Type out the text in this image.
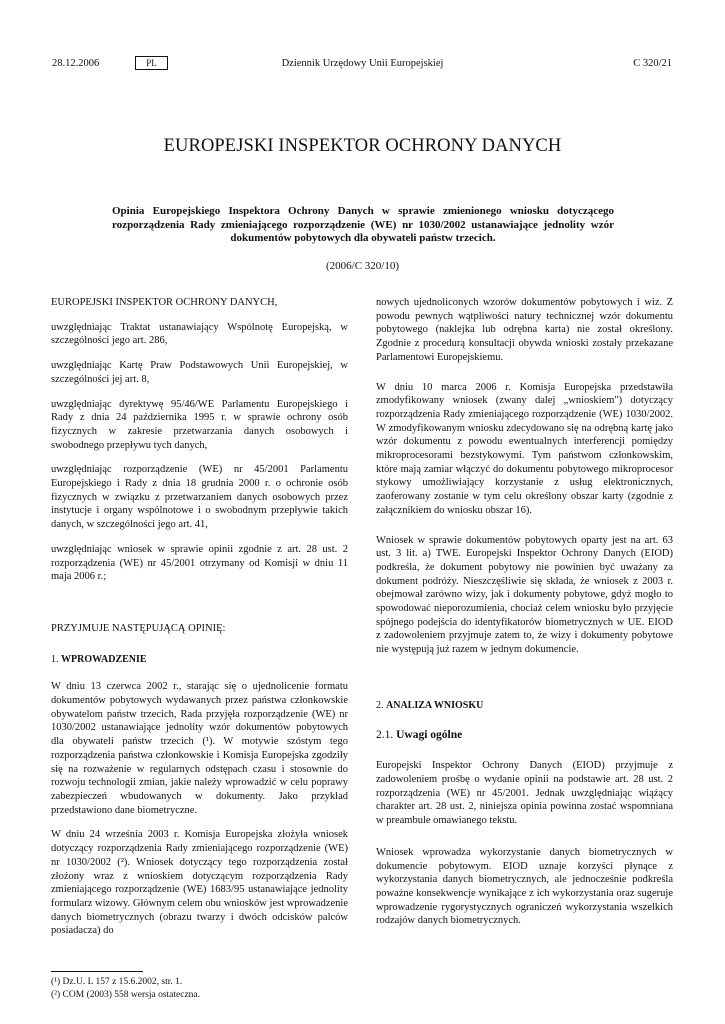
28.12.2006	PL	Dziennik Urzędowy Unii Europejskiej	C 320/21
EUROPEJSKI INSPEKTOR OCHRONY DANYCH
Opinia Europejskiego Inspektora Ochrony Danych w sprawie zmienionego wniosku dotyczącego rozporządzenia Rady zmieniającego rozporządzenie (WE) nr 1030/2002 ustanawiające jednolity wzór dokumentów pobytowych dla obywateli państw trzecich.
(2006/C 320/10)

EUROPEJSKI INSPEKTOR OCHRONY DANYCH,

uwzględniając Traktat ustanawiający Wspólnotę Europejską, w szczególności jego art. 286,

uwzględniając Kartę Praw Podstawowych Unii Europejskiej, w szczególności jej art. 8,

uwzględniając dyrektywę 95/46/WE Parlamentu Europejskiego i Rady z dnia 24 października 1995 r. w sprawie ochrony osób fizycznych w zakresie przetwarzania danych osobowych i swobodnego przepływu tych danych,

uwzględniając rozporządzenie (WE) nr 45/2001 Parlamentu Europejskiego i Rady z dnia 18 grudnia 2000 r. o ochronie osób fizycznych w związku z przetwarzaniem danych osobowych przez instytucje i organy wspólnotowe i o swobodnym przepływie takich danych, w szczególności jego art. 41,

uwzględniając wniosek w sprawie opinii zgodnie z art. 28 ust. 2 rozporządzenia (WE) nr 45/2001 otrzymany od Komisji w dniu 11 maja 2006 r.;

PRZYJMUJE NASTĘPUJĄCĄ OPINIĘ:

1. WPROWADZENIE

W dniu 13 czerwca 2002 r., starając się o ujednolicenie formatu dokumentów pobytowych wydawanych przez państwa członkowskie obywatelom państw trzecich, Rada przyjęła rozporządzenie (WE) nr 1030/2002 ustanawiające jednolity wzór dokumentów pobytowych dla obywateli państw trzecich (¹). W motywie szóstym tego rozporządzenia państwa członkowskie i Komisja Europejska zgodziły się na rozważenie w regularnych odstępach czasu i stosownie do rozwoju technologii zmian, jakie należy wprowadzić w celu poprawy zabezpieczeń wbudowanych w dokumenty. Jako przykład przedstawiono dane biometryczne.

W dniu 24 września 2003 r. Komisja Europejska złożyła wniosek dotyczący rozporządzenia Rady zmieniającego rozporządzenie (WE) nr 1030/2002 (²). Wniosek dotyczący tego rozporządzenia został złożony wraz z wnioskiem dotyczącym rozporządzenia Rady zmieniającego rozporządzenie (WE) 1683/95 ustanawiające jednolity formularz wizowy. Głównym celem obu wniosków jest wprowadzenie danych biometrycznych (obrazu twarzy i dwóch odcisków palców posiadacza) do

nowych ujednoliconych wzorów dokumentów pobytowych i wiz. Z powodu pewnych wątpliwości natury technicznej wzór dokumentu pobytowego (naklejka lub odrębna karta) nie został określony. Zgodnie z procedurą konsultacji obywda wnioski zostały przekazane Parlamentowi Europejskiemu.

W dniu 10 marca 2006 r. Komisja Europejska przedstawiła zmodyfikowany wniosek (zwany dalej „wnioskiem") dotyczący rozporządzenia Rady zmieniającego rozporządzenie (WE) 1030/2002. W zmodyfikowanym wniosku zdecydowano się na odrębną kartę jako wzór dokumentu z powodu ewentualnych interferencji pomiędzy mikroprocesorami bezstykowymi. Tym państwom członkowskim, które mają zamiar włączyć do dokumentu pobytowego mikroprocesor stykowy umożliwiający korzystanie z usług elektronicznych, zaoferowany zostanie w tym celu określony obszar karty (zgodnie z załącznikiem do wniosku obszar 16).

Wniosek w sprawie dokumentów pobytowych oparty jest na art. 63 ust. 3 lit. a) TWE. Europejski Inspektor Ochrony Danych (EIOD) podkreśla, że dokument pobytowy nie powinien być uważany za dokument podróży. Nieszczęśliwie się składa, że wniosek z 2003 r. obejmował zarówno wizy, jak i dokumenty pobytowe, gdyż mogło to spowodować nieporozumienia, chociaż celem wniosku było przyjęcie spójnego podejścia do identyfikatorów biometrycznych w UE. EIOD z zadowoleniem przyjmuje zatem to, że wizy i dokumenty pobytowe nie występują już razem w jednym dokumencie.

2. ANALIZA WNIOSKU

2.1. Uwagi ogólne

Europejski Inspektor Ochrony Danych (EIOD) przyjmuje z zadowoleniem prośbę o wydanie opinii na podstawie art. 28 ust. 2 rozporządzenia (WE) nr 45/2001. Jednak uwzględniając wiążący charakter art. 28 ust. 2, niniejsza opinia powinna zostać wspomniana w preambule omawianego tekstu.

Wniosek wprowadza wykorzystanie danych biometrycznych w dokumencie pobytowym. EIOD uznaje korzyści płynące z wykorzystania danych biometrycznych, ale jednocześnie podkreśla poważne konsekwencje wynikające z ich wykorzystania oraz sugeruje wprowadzenie rygorystycznych ograniczeń wykorzystania wszelkich rodzajów danych biometrycznych.

(¹) Dz.U. L 157 z 15.6.2002, str. 1.
(²) COM (2003) 558 wersja ostateczna.
